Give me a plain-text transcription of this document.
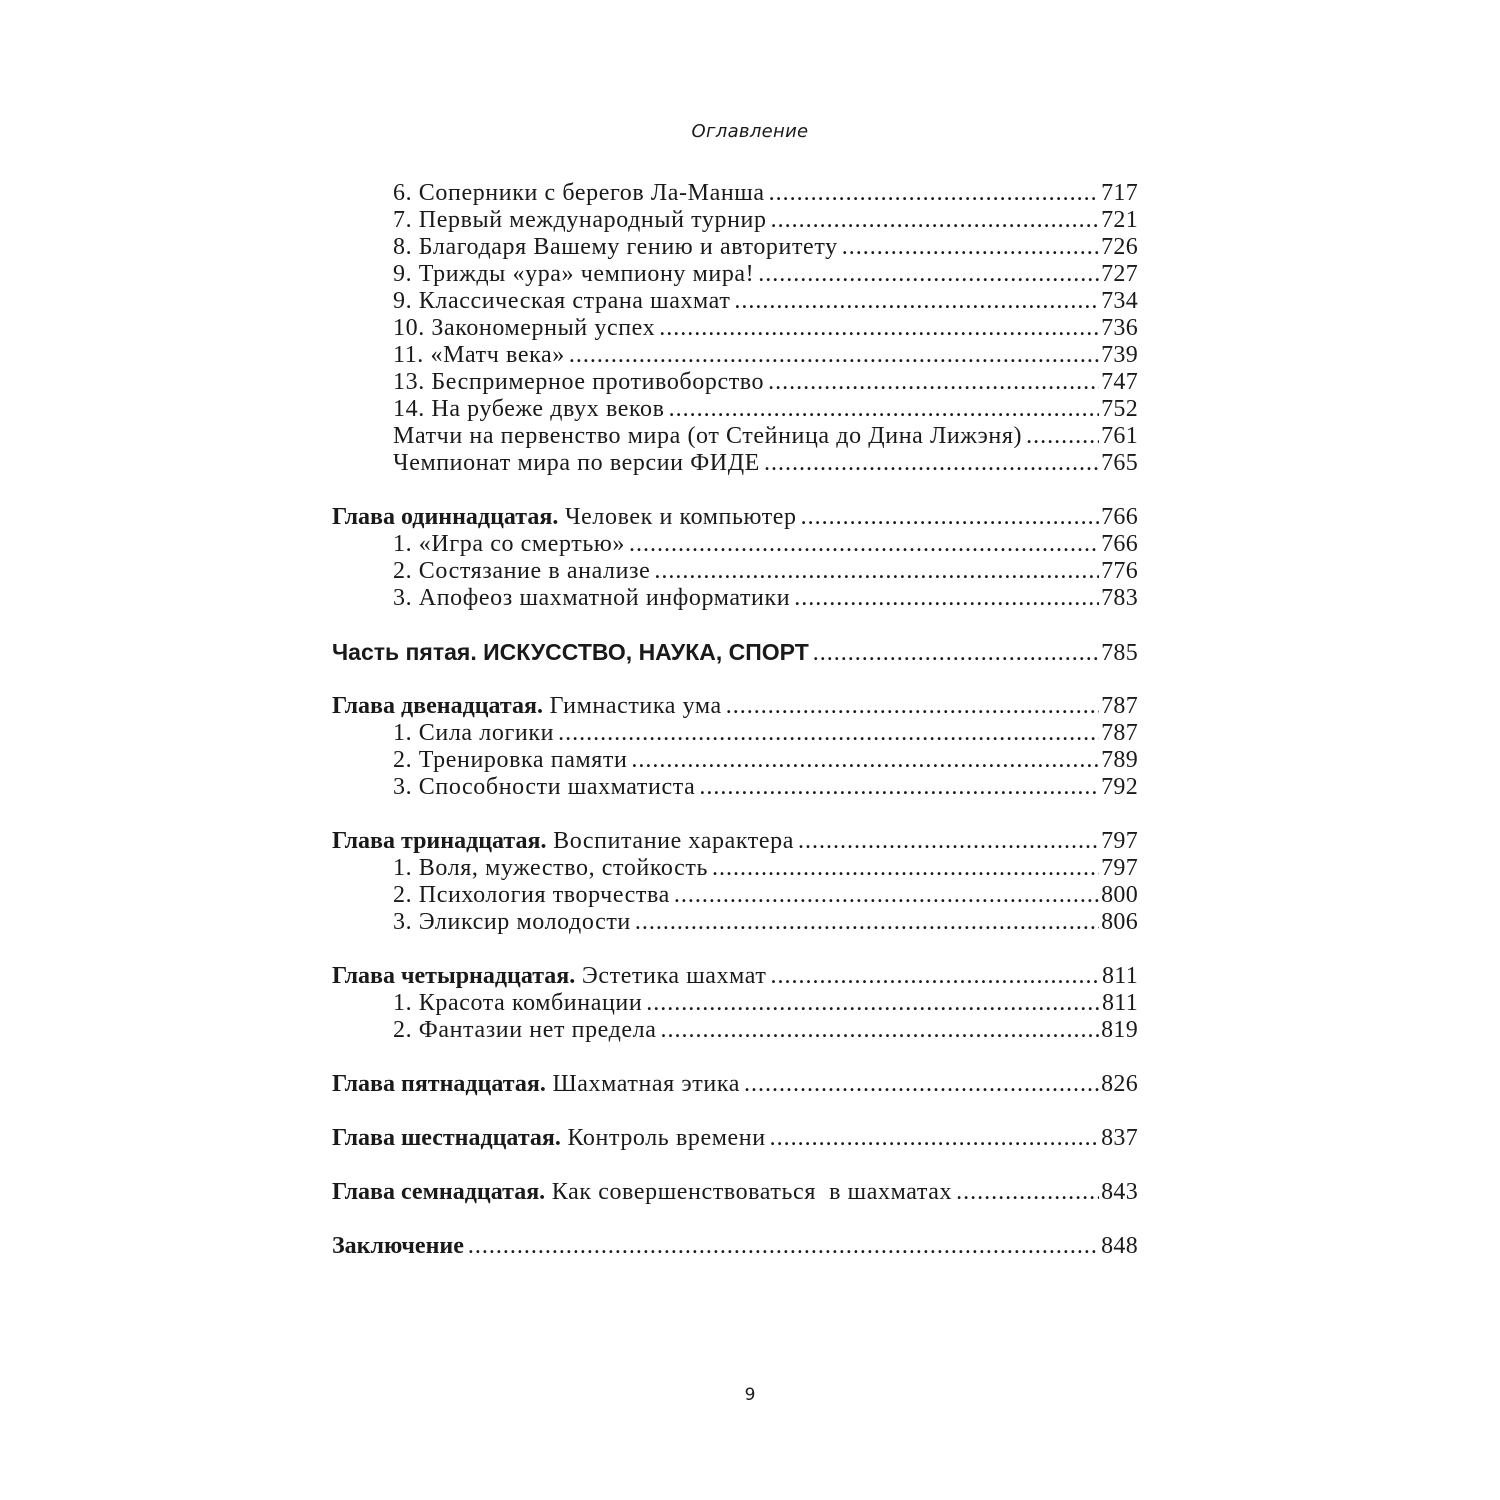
Оглавление
6. Соперники с берегов Ла-Манша .....	717
7. Первый международный турнир .....	721
8. Благодаря Вашему гению и авторитету .....	726
9. Трижды «ура» чемпиону мира! .....	727
9. Классическая страна шахмат .....	734
10. Закономерный успех .....	736
11. «Матч века» .....	739
13. Беспримерное противоборство .....	747
14. На рубеже двух веков .....	752
Матчи на первенство мира (от Стейница до Дина Лижэня) .....	761
Чемпионат мира по версии ФИДЕ .....	765
Глава одиннадцатая. Человек и компьютер .....	766
1. «Игра со смертью» .....	766
2. Состязание в анализе .....	776
3. Апофеоз шахматной информатики .....	783
Часть пятая. ИСКУССТВО, НАУКА, СПОРТ .....	785
Глава двенадцатая. Гимнастика ума .....	787
1. Сила логики .....	787
2. Тренировка памяти .....	789
3. Способности шахматиста .....	792
Глава тринадцатая. Воспитание характера .....	797
1. Воля, мужество, стойкость .....	797
2. Психология творчества .....	800
3. Эликсир молодости .....	806
Глава четырнадцатая. Эстетика шахмат .....	811
1. Красота комбинации .....	811
2. Фантазии нет предела .....	819
Глава пятнадцатая. Шахматная этика .....	826
Глава шестнадцатая. Контроль времени .....	837
Глава семнадцатая. Как совершенствоваться  в шахматах .....	843
Заключение .....	848
9
